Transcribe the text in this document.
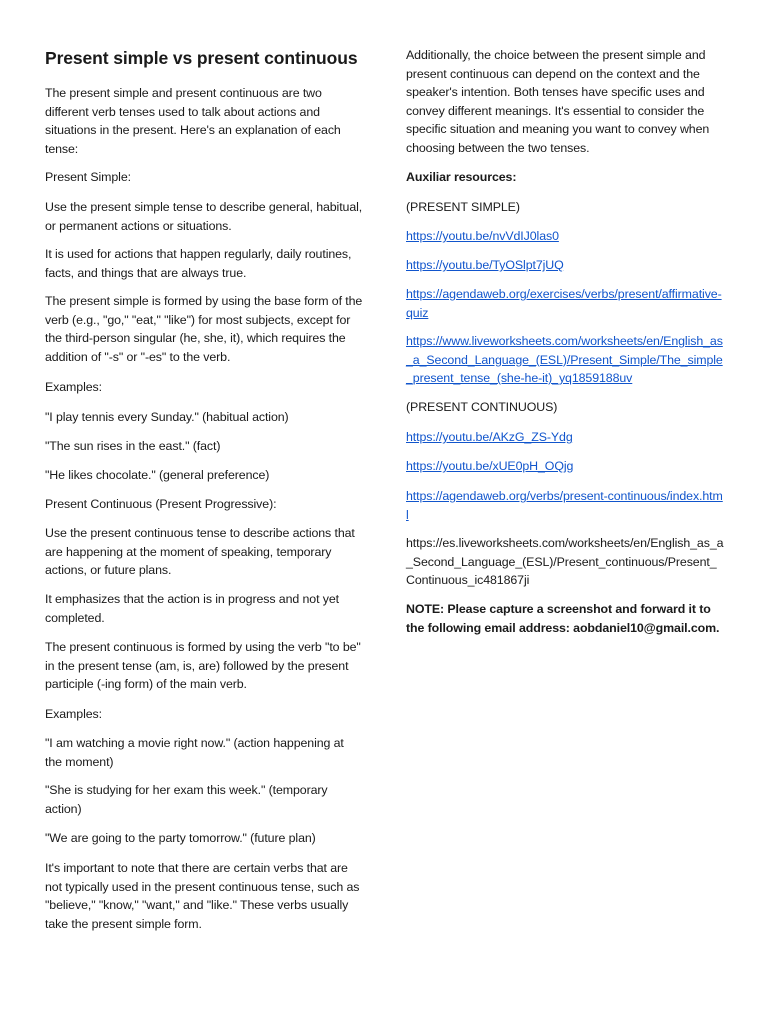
Present simple vs present continuous

The present simple and present continuous are two different verb tenses used to talk about actions and situations in the present. Here's an explanation of each tense:

Present Simple:

Use the present simple tense to describe general, habitual, or permanent actions or situations.

It is used for actions that happen regularly, daily routines, facts, and things that are always true.

The present simple is formed by using the base form of the verb (e.g., "go," "eat," "like") for most subjects, except for the third-person singular (he, she, it), which requires the addition of "-s" or "-es" to the verb.

Examples:

"I play tennis every Sunday." (habitual action)

"The sun rises in the east." (fact)

"He likes chocolate." (general preference)

Present Continuous (Present Progressive):

Use the present continuous tense to describe actions that are happening at the moment of speaking, temporary actions, or future plans.

It emphasizes that the action is in progress and not yet completed.

The present continuous is formed by using the verb "to be" in the present tense (am, is, are) followed by the present participle (-ing form) of the main verb.

Examples:

"I am watching a movie right now." (action happening at the moment)

"She is studying for her exam this week." (temporary action)

"We are going to the party tomorrow." (future plan)

It's important to note that there are certain verbs that are not typically used in the present continuous tense, such as "believe," "know," "want," and "like." These verbs usually take the present simple form.

Additionally, the choice between the present simple and present continuous can depend on the context and the speaker's intention. Both tenses have specific uses and convey different meanings. It's essential to consider the specific situation and meaning you want to convey when choosing between the two tenses.

Auxiliar resources:

(PRESENT SIMPLE)

https://youtu.be/nvVdIJ0las0

https://youtu.be/TyOSlpt7jUQ

https://agendaweb.org/exercises/verbs/present/affirmative-quiz

https://www.liveworksheets.com/worksheets/en/English_as_a_Second_Language_(ESL)/Present_Simple/The_simple_present_tense_(she-he-it)_yq1859188uv

(PRESENT CONTINUOUS)

https://youtu.be/AKzG_ZS-Ydg

https://youtu.be/xUE0pH_OQjg

https://agendaweb.org/verbs/present-continuous/index.html

https://es.liveworksheets.com/worksheets/en/English_as_a_Second_Language_(ESL)/Present_continuous/Present_Continuous_ic481867ji

NOTE: Please capture a screenshot and forward it to the following email address: aobdaniel10@gmail.com.
